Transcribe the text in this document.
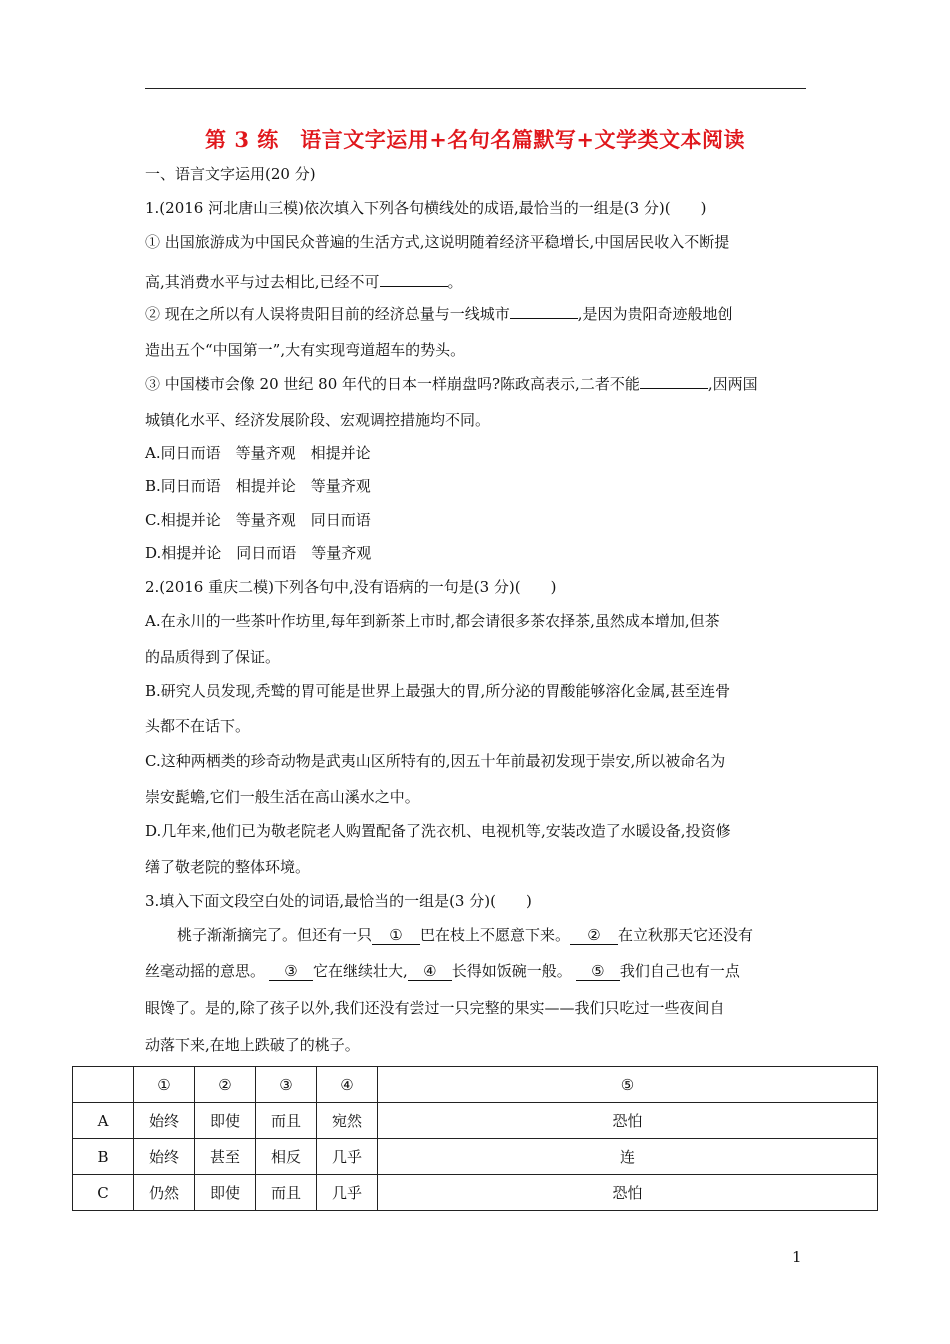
第 3 练　语言文字运用+名句名篇默写+文学类文本阅读
一、语言文字运用(20 分)
1.(2016 河北唐山三模)依次填入下列各句横线处的成语,最恰当的一组是(3 分)(　　)
① 出国旅游成为中国民众普遍的生活方式,这说明随着经济平稳增长,中国居民收入不断提
高,其消费水平与过去相比,已经不可	。
② 现在之所以有人误将贵阳目前的经济总量与一线城市	,是因为贵阳奇迹般地创
造出五个“中国第一”,大有实现弯道超车的势头。
③ 中国楼市会像 20 世纪 80 年代的日本一样崩盘吗?陈政高表示,二者不能	,因两国
城镇化水平、经济发展阶段、宏观调控措施均不同。
A.同日而语　等量齐观　相提并论
B.同日而语　相提并论　等量齐观
C.相提并论　等量齐观　同日而语
D.相提并论　同日而语　等量齐观
2.(2016 重庆二模)下列各句中,没有语病的一句是(3 分)(　　)
A.在永川的一些茶叶作坊里,每年到新茶上市时,都会请很多茶农择茶,虽然成本增加,但茶
的品质得到了保证。
B.研究人员发现,秃鹫的胃可能是世界上最强大的胃,所分泌的胃酸能够溶化金属,甚至连骨
头都不在话下。
C.这种两栖类的珍奇动物是武夷山区所特有的,因五十年前最初发现于崇安,所以被命名为
崇安髭蟾,它们一般生活在高山溪水之中。
D.几年来,他们已为敬老院老人购置配备了洗衣机、电视机等,安装改造了水暖设备,投资修
缮了敬老院的整体环境。
3.填入下面文段空白处的词语,最恰当的一组是(3 分)(　　)
桃子渐渐摘完了。但还有一只 ① 巴在枝上不愿意下来。 ② 在立秋那天它还没有
丝毫动摇的意思。 ③ 它在继续壮大, ④ 长得如饭碗一般。 ⑤ 我们自己也有一点
眼馋了。是的,除了孩子以外,我们还没有尝过一只完整的果实——我们只吃过一些夜间自
动落下来,在地上跌破了的桃子。
	①	②	③	④	⑤
A	始终	即使	而且	宛然	恐怕
B	始终	甚至	相反	几乎	连
C	仍然	即使	而且	几乎	恐怕
1
